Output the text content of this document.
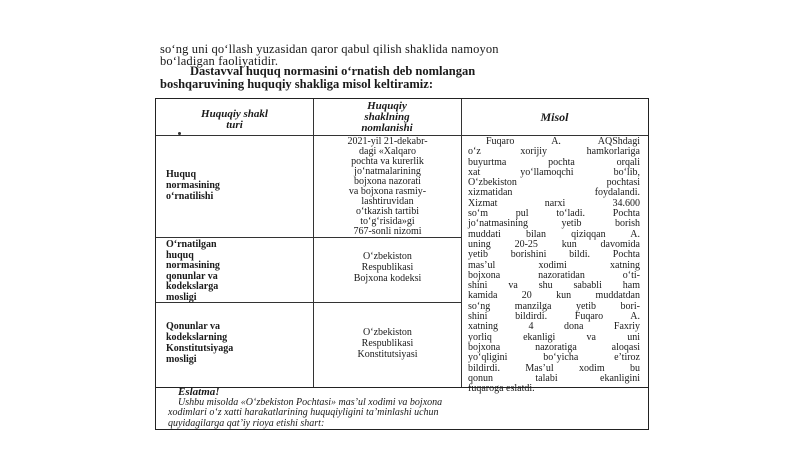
so‘ng uni qo‘llash yuzasidan qaror qabul qilish shaklida namoyon
bo‘ladigan faoliyatidir.
Dastavval huquq normasini o‘rnatish deb nomlangan
boshqaruvining huquqiy shakliga misol keltiramiz:
Huquqiy shakl
turi
Huquqiy
shaklning
nomlanishi
Misol
Huquq
normasining
o‘rnatilishi
2021-yil 21-dekabr-
dagi «Xalqaro
pochta va kurerlik
jo‘natmalarining
bojxona nazorati
va bojxona rasmiy-
lashtiruvidan
o‘tkazish tartibi
to‘g‘risida»gi
767-sonli nizomi
O‘rnatilgan
huquq
normasining
qonunlar va
kodekslarga
mosligi
O‘zbekiston
Respublikasi
Bojxona kodeksi
Qonunlar va
kodekslarning
Konstitutsiyaga
mosligi
O‘zbekiston
Respublikasi
Konstitutsiyasi
Fuqaro A. AQShdagi
o‘z xorijiy hamkorlariga
buyurtma pochta orqali
xat yo‘llamoqchi bo‘lib,
O‘zbekiston pochtasi
xizmatidan foydalandi.
Xizmat narxi 34.600
so‘m pul to‘ladi. Pochta
jo‘natmasining yetib borish
muddati bilan qiziqqan A.
uning 20-25 kun davomida
yetib borishini bildi. Pochta
mas’ul xodimi xatning
bojxona nazoratidan o‘ti-
shini va shu sababli ham
kamida 20 kun muddatdan
so‘ng manzilga yetib bori-
shini bildirdi. Fuqaro A.
xatning 4 dona Faxriy
yorliq ekanligi va uni
bojxona nazoratiga aloqasi
yo‘qligini bo‘yicha e’tiroz
bildirdi. Mas’ul xodim bu
qonun talabi ekanligini
fuqaroga eslatdi.
Eslatma!
Ushbu misolda «O‘zbekiston Pochtasi» mas’ul xodimi va bojxona
xodimlari o‘z xatti harakatlarining huquqiyligini ta’minlashi uchun
quyidagilarga qat’iy rioya etishi shart:
